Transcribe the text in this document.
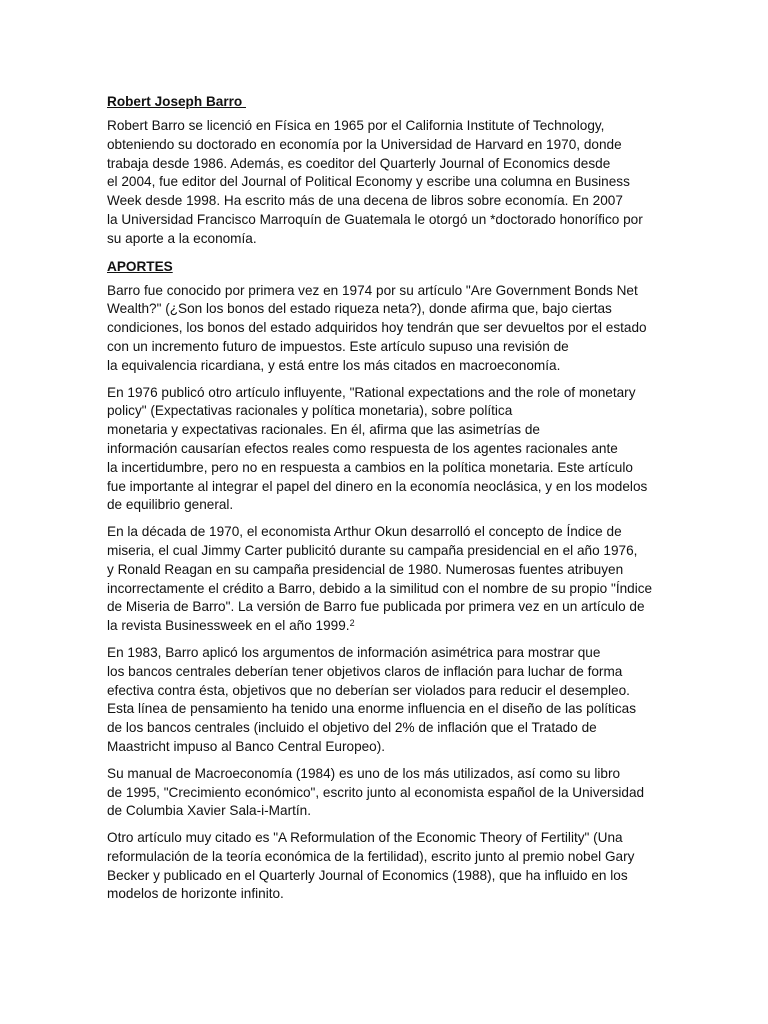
Robert Joseph Barro
Robert Barro se licenció en Física en 1965 por el California Institute of Technology,
obteniendo su doctorado en economía por la Universidad de Harvard en 1970, donde
trabaja desde 1986. Además, es coeditor del Quarterly Journal of Economics desde
el 2004, fue editor del Journal of Political Economy y escribe una columna en Business
Week desde 1998. Ha escrito más de una decena de libros sobre economía. En 2007
la Universidad Francisco Marroquín de Guatemala le otorgó un *doctorado honorífico por
su aporte a la economía.
APORTES
Barro fue conocido por primera vez en 1974 por su artículo "Are Government Bonds Net
Wealth?" (¿Son los bonos del estado riqueza neta?), donde afirma que, bajo ciertas
condiciones, los bonos del estado adquiridos hoy tendrán que ser devueltos por el estado
con un incremento futuro de impuestos. Este artículo supuso una revisión de
la equivalencia ricardiana, y está entre los más citados en macroeconomía.
En 1976 publicó otro artículo influyente, "Rational expectations and the role of monetary
policy" (Expectativas racionales y política monetaria), sobre política
monetaria y expectativas racionales. En él, afirma que las asimetrías de
información causarían efectos reales como respuesta de los agentes racionales ante
la incertidumbre, pero no en respuesta a cambios en la política monetaria. Este artículo
fue importante al integrar el papel del dinero en la economía neoclásica, y en los modelos
de equilibrio general.
En la década de 1970, el economista Arthur Okun desarrolló el concepto de Índice de
miseria, el cual Jimmy Carter publicitó durante su campaña presidencial en el año 1976,
y Ronald Reagan en su campaña presidencial de 1980. Numerosas fuentes atribuyen
incorrectamente el crédito a Barro, debido a la similitud con el nombre de su propio "Índice
de Miseria de Barro". La versión de Barro fue publicada por primera vez en un artículo de
la revista Businessweek en el año 1999.$^2$
En 1983, Barro aplicó los argumentos de información asimétrica para mostrar que
los bancos centrales deberían tener objetivos claros de inflación para luchar de forma
efectiva contra ésta, objetivos que no deberían ser violados para reducir el desempleo.
Esta línea de pensamiento ha tenido una enorme influencia en el diseño de las políticas
de los bancos centrales (incluido el objetivo del 2% de inflación que el Tratado de
Maastricht impuso al Banco Central Europeo).
Su manual de Macroeconomía (1984) es uno de los más utilizados, así como su libro
de 1995, "Crecimiento económico", escrito junto al economista español de la Universidad
de Columbia Xavier Sala-i-Martín.
Otro artículo muy citado es "A Reformulation of the Economic Theory of Fertility" (Una
reformulación de la teoría económica de la fertilidad), escrito junto al premio nobel Gary
Becker y publicado en el Quarterly Journal of Economics (1988), que ha influido en los
modelos de horizonte infinito.
